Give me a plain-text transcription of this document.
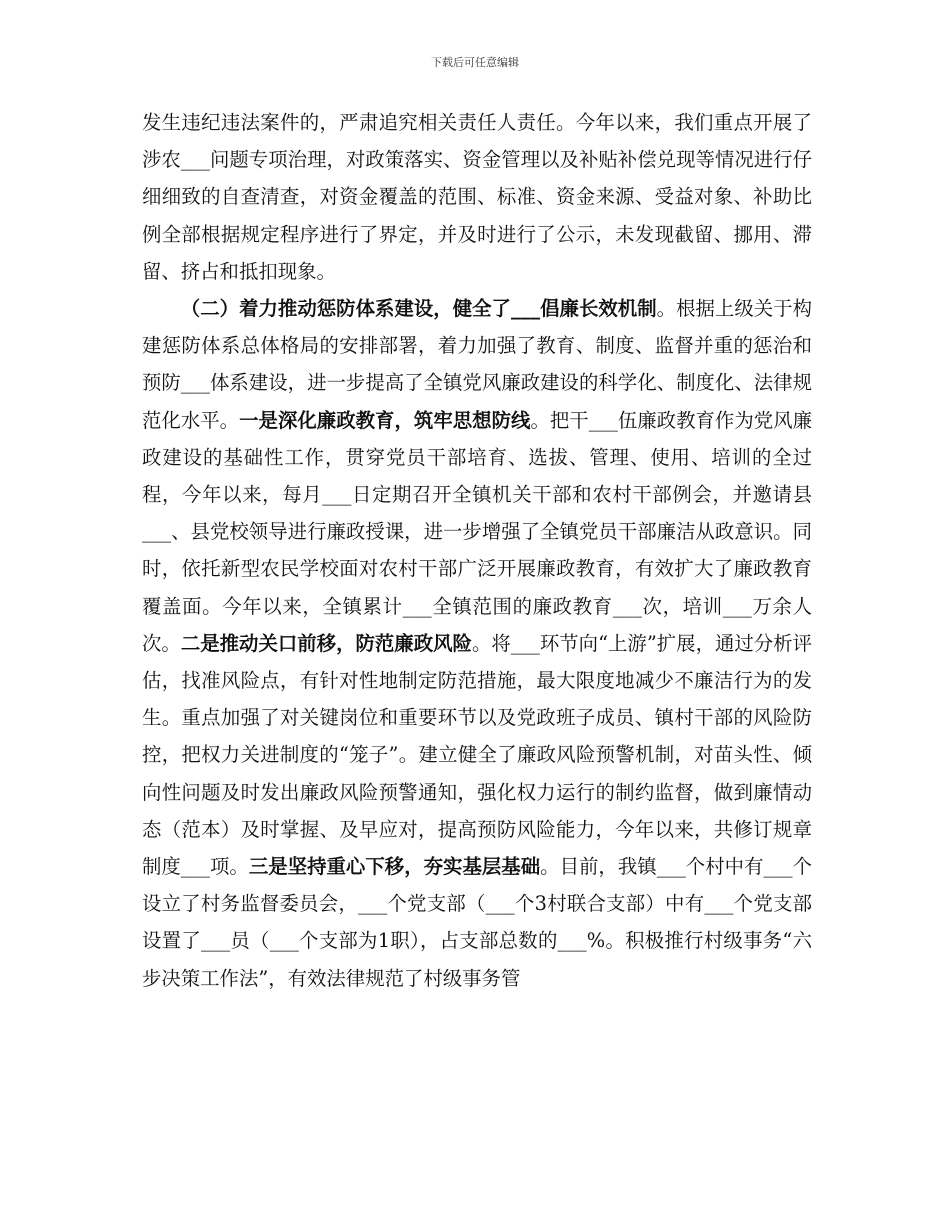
下载后可任意编辑

发生违纪违法案件的，严肃追究相关责任人责任。今年以来，我们重点开展了涉农___问题专项治理，对政策落实、资金管理以及补贴补偿兑现等情况进行仔细细致的自查清查，对资金覆盖的范围、标准、资金来源、受益对象、补助比例全部根据规定程序进行了界定，并及时进行了公示，未发现截留、挪用、滞留、挤占和抵扣现象。

（二）着力推动惩防体系建设，健全了___倡廉长效机制。根据上级关于构建惩防体系总体格局的安排部署，着力加强了教育、制度、监督并重的惩治和预防___体系建设，进一步提高了全镇党风廉政建设的科学化、制度化、法律规范化水平。一是深化廉政教育，筑牢思想防线。把干___伍廉政教育作为党风廉政建设的基础性工作，贯穿党员干部培育、选拔、管理、使用、培训的全过程，今年以来，每月___日定期召开全镇机关干部和农村干部例会，并邀请县___、县党校领导进行廉政授课，进一步增强了全镇党员干部廉洁从政意识。同时，依托新型农民学校面对农村干部广泛开展廉政教育，有效扩大了廉政教育覆盖面。今年以来，全镇累计___全镇范围的廉政教育___次，培训___万余人次。二是推动关口前移，防范廉政风险。将___环节向“上游”扩展，通过分析评估，找准风险点，有针对性地制定防范措施，最大限度地减少不廉洁行为的发生。重点加强了对关键岗位和重要环节以及党政班子成员、镇村干部的风险防控，把权力关进制度的“笼子”。建立健全了廉政风险预警机制，对苗头性、倾向性问题及时发出廉政风险预警通知，强化权力运行的制约监督，做到廉情动态（范本）及时掌握、及早应对，提高预防风险能力，今年以来，共修订规章制度___项。三是坚持重心下移，夯实基层基础。目前，我镇___个村中有___个设立了村务监督委员会，___个党支部（___个3村联合支部）中有___个党支部设置了___员（___个支部为1职），占支部总数的___%。积极推行村级事务“六步决策工作法”，有效法律规范了村级事务管
